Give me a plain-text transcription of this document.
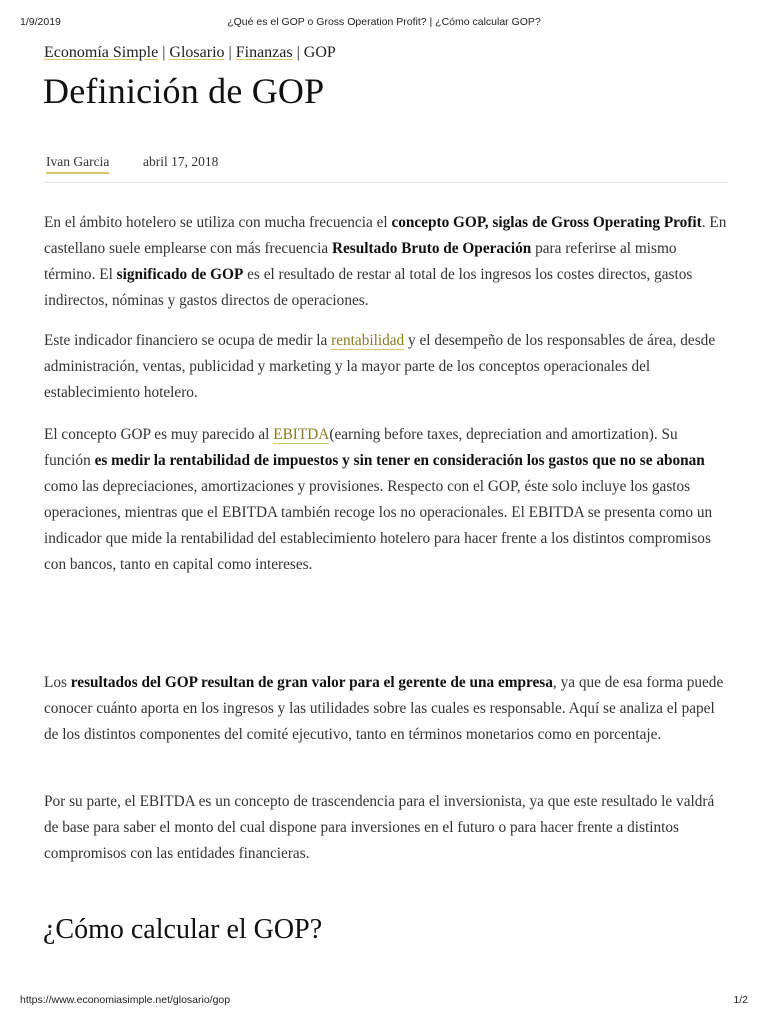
1/9/2019	¿Qué es el GOP o Gross Operation Profit? | ¿Cómo calcular GOP?
Economía Simple | Glosario | Finanzas | GOP
Definición de GOP
Ivan Garcia abril 17, 2018

En el ámbito hotelero se utiliza con mucha frecuencia el concepto GOP, siglas de Gross Operating Profit. En castellano suele emplearse con más frecuencia Resultado Bruto de Operación para referirse al mismo término. El significado de GOP es el resultado de restar al total de los ingresos los costes directos, gastos indirectos, nóminas y gastos directos de operaciones.

Este indicador financiero se ocupa de medir la rentabilidad y el desempeño de los responsables de área, desde administración, ventas, publicidad y marketing y la mayor parte de los conceptos operacionales del establecimiento hotelero.

El concepto GOP es muy parecido al EBITDA(earning before taxes, depreciation and amortization). Su función es medir la rentabilidad de impuestos y sin tener en consideración los gastos que no se abonan como las depreciaciones, amortizaciones y provisiones. Respecto con el GOP, éste solo incluye los gastos operaciones, mientras que el EBITDA también recoge los no operacionales. El EBITDA se presenta como un indicador que mide la rentabilidad del establecimiento hotelero para hacer frente a los distintos compromisos con bancos, tanto en capital como intereses.

Los resultados del GOP resultan de gran valor para el gerente de una empresa, ya que de esa forma puede conocer cuánto aporta en los ingresos y las utilidades sobre las cuales es responsable. Aquí se analiza el papel de los distintos componentes del comité ejecutivo, tanto en términos monetarios como en porcentaje.

Por su parte, el EBITDA es un concepto de trascendencia para el inversionista, ya que este resultado le valdrá de base para saber el monto del cual dispone para inversiones en el futuro o para hacer frente a distintos compromisos con las entidades financieras.

¿Cómo calcular el GOP?
https://www.economiasimple.net/glosario/gop	1/2
